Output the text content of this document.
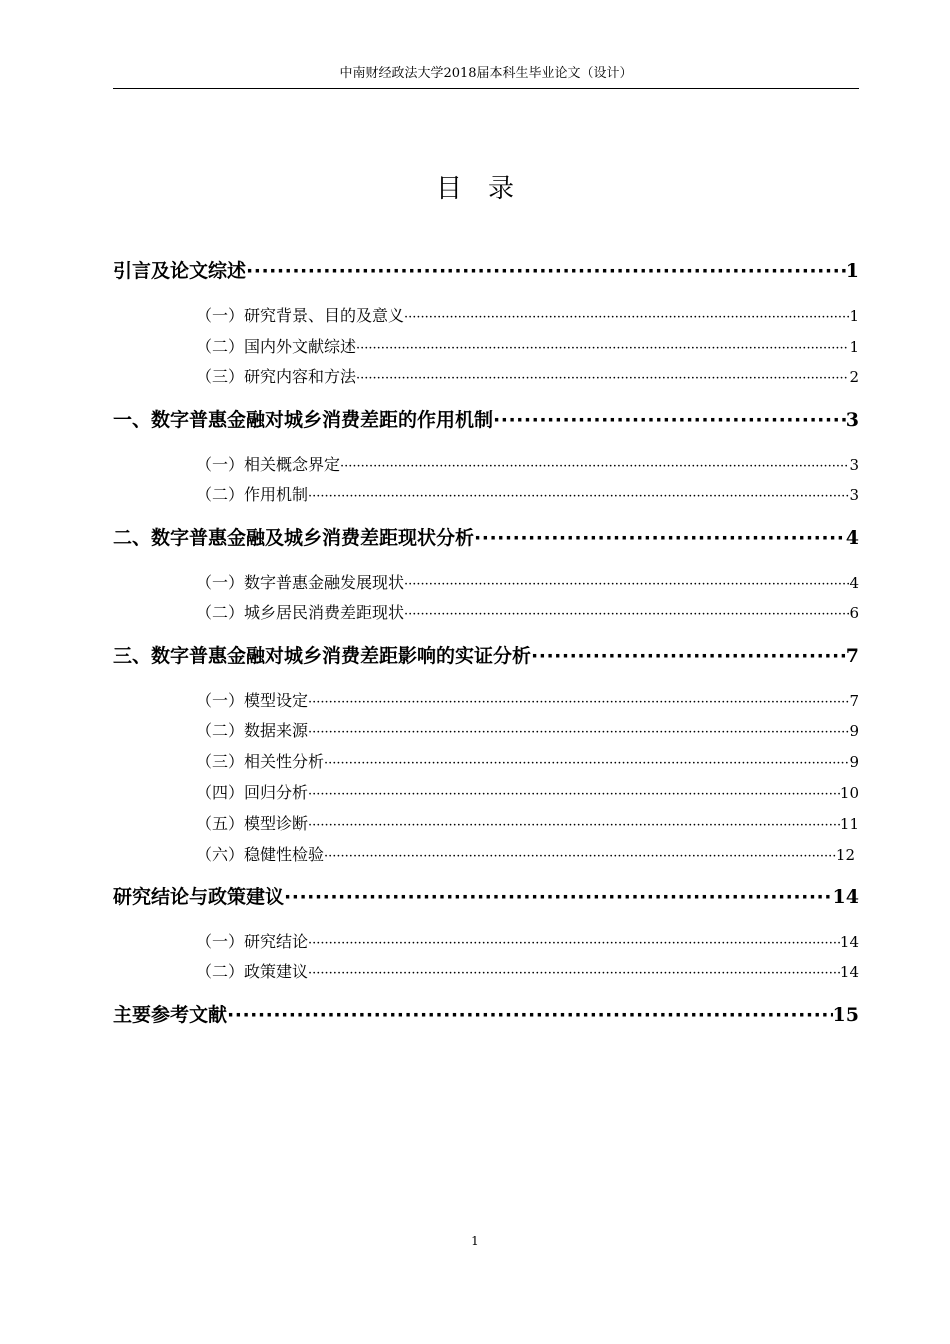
中南财经政法大学2018届本科生毕业论文（设计）
目录
引言及论文综述 ·····	1
（一）研究背景、目的及意义 ·····	1
（二）国内外文献综述 ·····	1
（三）研究内容和方法 ·····	2
一、数字普惠金融对城乡消费差距的作用机制 ·····	3
（一）相关概念界定 ·····	3
（二）作用机制 ·····	3
二、数字普惠金融及城乡消费差距现状分析 ·····	4
（一）数字普惠金融发展现状 ·····	4
（二）城乡居民消费差距现状 ·····	6
三、数字普惠金融对城乡消费差距影响的实证分析 ·····	7
（一）模型设定 ·····	7
（二）数据来源 ·····	9
（三）相关性分析 ·····	9
（四）回归分析 ·····	10
（五）模型诊断 ·····	11
（六）稳健性检验 ·····	12
研究结论与政策建议 ·····	14
（一）研究结论 ·····	14
（二）政策建议 ·····	14
主要参考文献 ·····	15
1
